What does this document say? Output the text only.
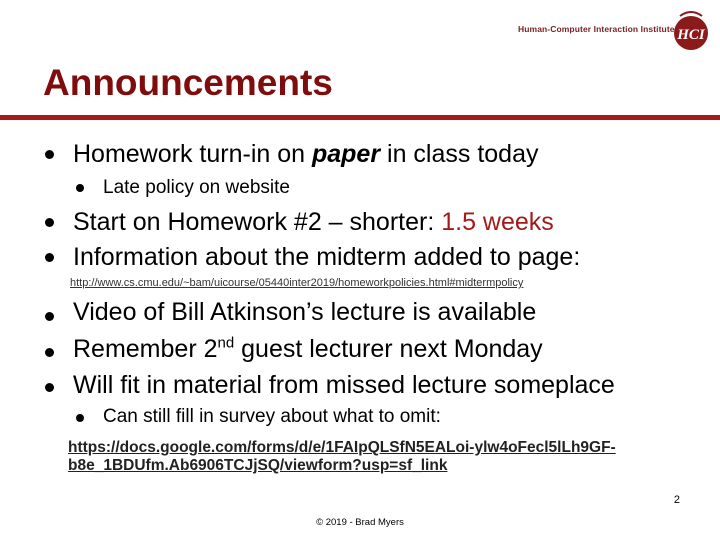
Human-Computer Interaction Institute HCI
Announcements
Homework turn-in on paper in class today
Late policy on website
Start on Homework #2 – shorter: 1.5 weeks
Information about the midterm added to page:
http://www.cs.cmu.edu/~bam/uicourse/05440inter2019/homeworkpolicies.html#midtermpolicy
Video of Bill Atkinson’s lecture is available
Remember 2nd guest lecturer next Monday
Will fit in material from missed lecture someplace
Can still fill in survey about what to omit:
https://docs.google.com/forms/d/e/1FAIpQLSfN5EALoi-ylw4oFecl5lLh9GF-
b8e_1BDUfm.Ab6906TCJjSQ/viewform?usp=sf_link
2
© 2019 - Brad Myers
